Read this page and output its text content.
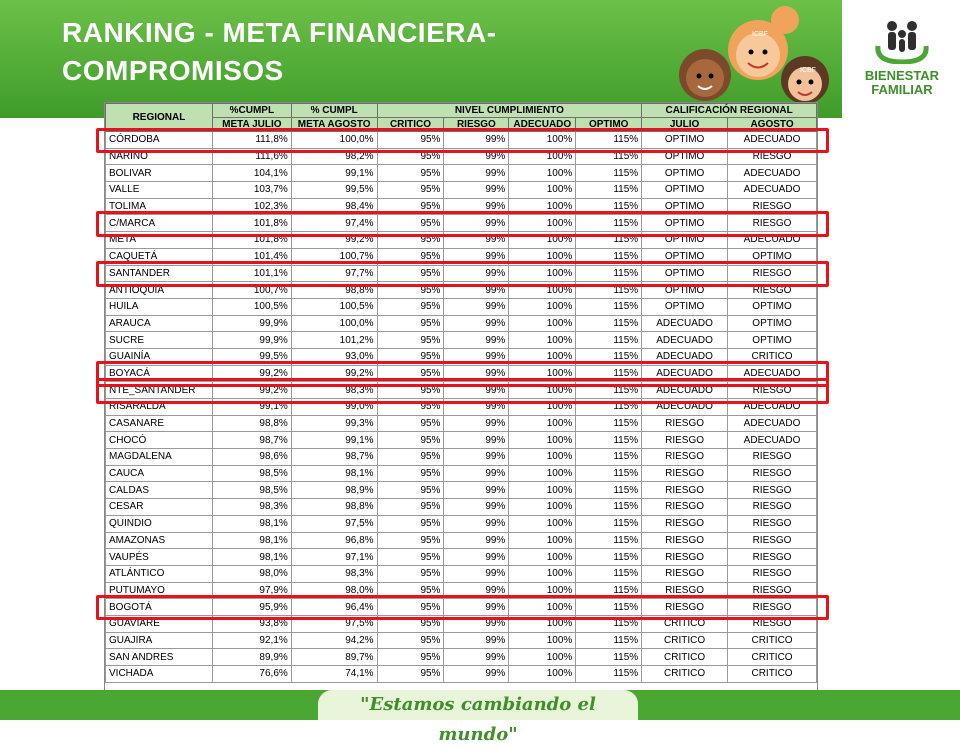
RANKING - META FINANCIERA-
COMPROMISOS
ICBF
ICBF	BIENESTAR
FAMILIAR
REGIONAL	%CUMPL	% CUMPL	NIVEL CUMPLIMIENTO				CALIFICACIÓN REGIONAL	
	META JULIO	META AGOSTO	CRITICO	RIESGO	ADECUADO	OPTIMO	JULIO	AGOSTO
CÓRDOBA	111,8%	100,0%	95%	99%	100%	115%	OPTIMO	ADECUADO
NARIÑO	111,6%	98,2%	95%	99%	100%	115%	OPTIMO	RIESGO
BOLIVAR	104,1%	99,1%	95%	99%	100%	115%	OPTIMO	ADECUADO
VALLE	103,7%	99,5%	95%	99%	100%	115%	OPTIMO	ADECUADO
TOLIMA	102,3%	98,4%	95%	99%	100%	115%	OPTIMO	RIESGO
C/MARCA	101,8%	97,4%	95%	99%	100%	115%	OPTIMO	RIESGO
META	101,8%	99,2%	95%	99%	100%	115%	OPTIMO	ADECUADO
CAQUETÁ	101,4%	100,7%	95%	99%	100%	115%	OPTIMO	OPTIMO
SANTANDER	101,1%	97,7%	95%	99%	100%	115%	OPTIMO	RIESGO
ANTIOQUIA	100,7%	98,8%	95%	99%	100%	115%	OPTIMO	RIESGO
HUILA	100,5%	100,5%	95%	99%	100%	115%	OPTIMO	OPTIMO
ARAUCA	99,9%	100,0%	95%	99%	100%	115%	ADECUADO	OPTIMO
SUCRE	99,9%	101,2%	95%	99%	100%	115%	ADECUADO	OPTIMO
GUAINÍA	99,5%	93,0%	95%	99%	100%	115%	ADECUADO	CRITICO
BOYACÁ	99,2%	99,2%	95%	99%	100%	115%	ADECUADO	ADECUADO
NTE_SANTANDER	99,2%	98,3%	95%	99%	100%	115%	ADECUADO	RIESGO
RISARALDA	99,1%	99,0%	95%	99%	100%	115%	ADECUADO	ADECUADO
CASANARE	98,8%	99,3%	95%	99%	100%	115%	RIESGO	ADECUADO
CHOCÓ	98,7%	99,1%	95%	99%	100%	115%	RIESGO	ADECUADO
MAGDALENA	98,6%	98,7%	95%	99%	100%	115%	RIESGO	RIESGO
CAUCA	98,5%	98,1%	95%	99%	100%	115%	RIESGO	RIESGO
CALDAS	98,5%	98,9%	95%	99%	100%	115%	RIESGO	RIESGO
CESAR	98,3%	98,8%	95%	99%	100%	115%	RIESGO	RIESGO
QUINDIO	98,1%	97,5%	95%	99%	100%	115%	RIESGO	RIESGO
AMAZONAS	98,1%	96,8%	95%	99%	100%	115%	RIESGO	RIESGO
VAUPÉS	98,1%	97,1%	95%	99%	100%	115%	RIESGO	RIESGO
ATLÁNTICO	98,0%	98,3%	95%	99%	100%	115%	RIESGO	RIESGO
PUTUMAYO	97,9%	98,0%	95%	99%	100%	115%	RIESGO	RIESGO
BOGOTÁ	95,9%	96,4%	95%	99%	100%	115%	RIESGO	RIESGO
GUAVIARE	93,8%	97,5%	95%	99%	100%	115%	CRITICO	RIESGO
GUAJIRA	92,1%	94,2%	95%	99%	100%	115%	CRITICO	CRITICO
SAN ANDRES	89,9%	89,7%	95%	99%	100%	115%	CRITICO	CRITICO
VICHADA	76,6%	74,1%	95%	99%	100%	115%	CRITICO	CRITICO
"Estamos cambiando el mundo"
